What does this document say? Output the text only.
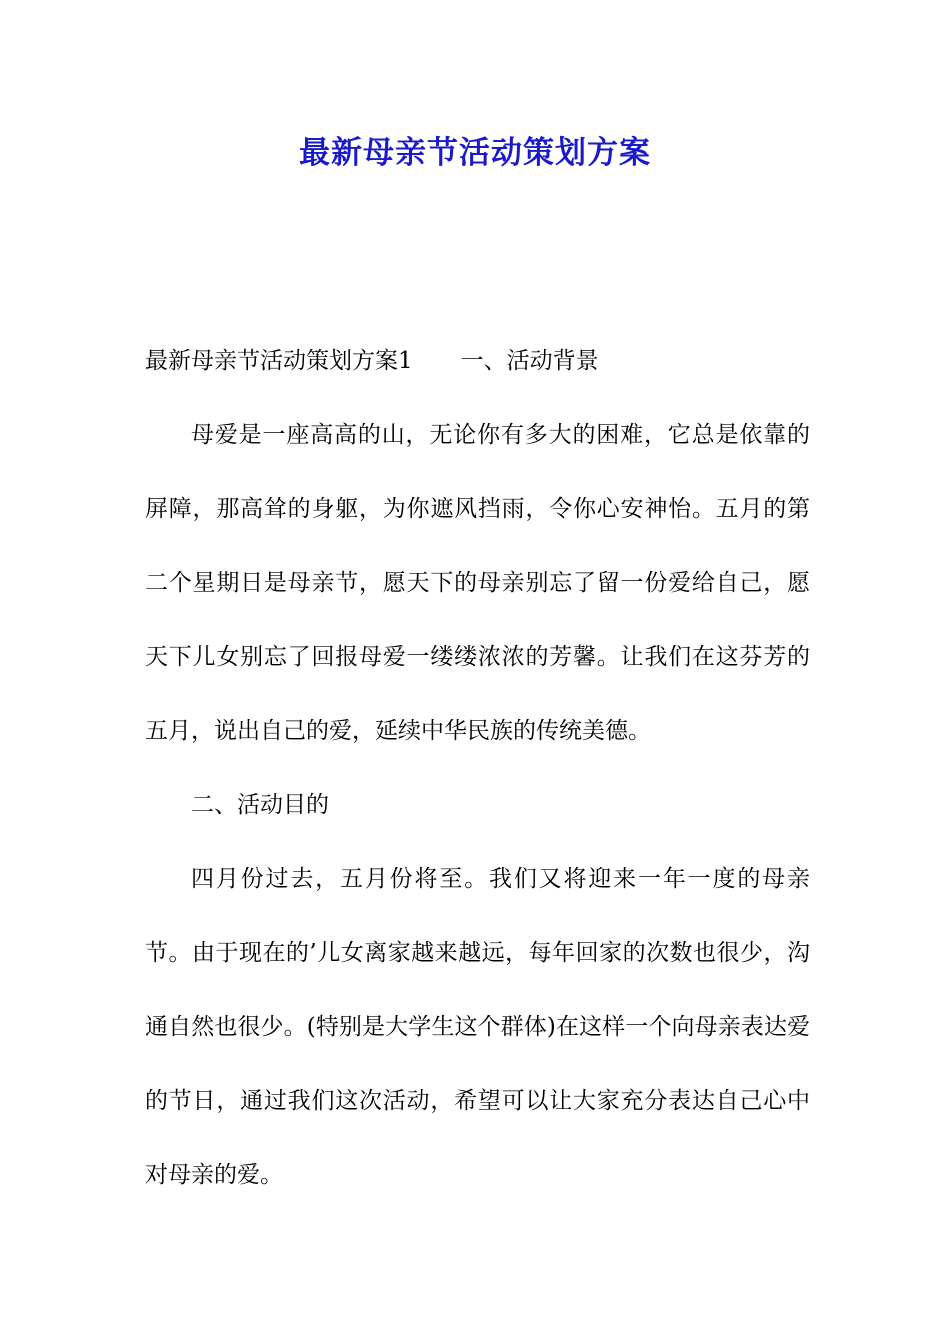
最新母亲节活动策划方案
最新母亲节活动策划方案1 一、活动背景

母爱是一座高高的山，无论你有多大的困难，它总是依靠的屏障，那高耸的身躯，为你遮风挡雨，令你心安神怡。五月的第二个星期日是母亲节，愿天下的母亲别忘了留一份爱给自己，愿天下儿女别忘了回报母爱一缕缕浓浓的芳馨。让我们在这芬芳的五月，说出自己的爱，延续中华民族的传统美德。

二、活动目的

四月份过去，五月份将至。我们又将迎来一年一度的母亲节。由于现在的’儿女离家越来越远，每年回家的次数也很少，沟通自然也很少。(特别是大学生这个群体)在这样一个向母亲表达爱的节日，通过我们这次活动，希望可以让大家充分表达自己心中对母亲的爱。
